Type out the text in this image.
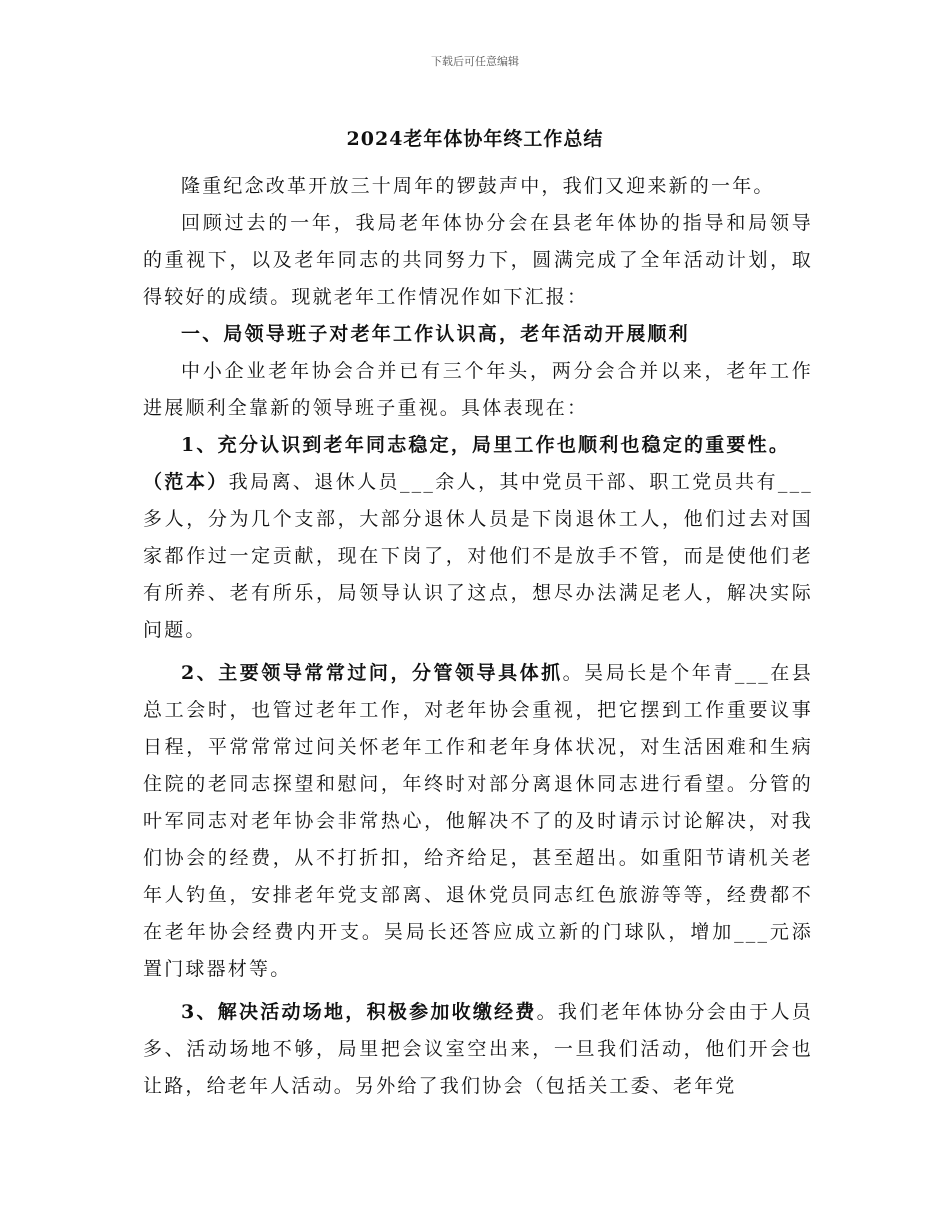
下载后可任意编辑
2024老年体协年终工作总结

隆重纪念改革开放三十周年的锣鼓声中，我们又迎来新的一年。

回顾过去的一年，我局老年体协分会在县老年体协的指导和局领导的重视下，以及老年同志的共同努力下，圆满完成了全年活动计划，取得较好的成绩。现就老年工作情况作如下汇报：

一、局领导班子对老年工作认识高，老年活动开展顺利

中小企业老年协会合并已有三个年头，两分会合并以来，老年工作进展顺利全靠新的领导班子重视。具体表现在：

1、充分认识到老年同志稳定，局里工作也顺利也稳定的重要性。

（范本）我局离、退休人员___余人，其中党员干部、职工党员共有___多人，分为几个支部，大部分退休人员是下岗退休工人，他们过去对国家都作过一定贡献，现在下岗了，对他们不是放手不管，而是使他们老有所养、老有所乐，局领导认识了这点，想尽办法满足老人，解决实际问题。

2、主要领导常常过问，分管领导具体抓。吴局长是个年青___在县总工会时，也管过老年工作，对老年协会重视，把它摆到工作重要议事日程，平常常常过问关怀老年工作和老年身体状况，对生活困难和生病住院的老同志探望和慰问，年终时对部分离退休同志进行看望。分管的叶军同志对老年协会非常热心，他解决不了的及时请示讨论解决，对我们协会的经费，从不打折扣，给齐给足，甚至超出。如重阳节请机关老年人钓鱼，安排老年党支部离、退休党员同志红色旅游等等，经费都不在老年协会经费内开支。吴局长还答应成立新的门球队，增加___元添置门球器材等。

3、解决活动场地，积极参加收缴经费。我们老年体协分会由于人员多、活动场地不够，局里把会议室空出来，一旦我们活动，他们开会也让路，给老年人活动。另外给了我们协会（包括关工委、老年党
